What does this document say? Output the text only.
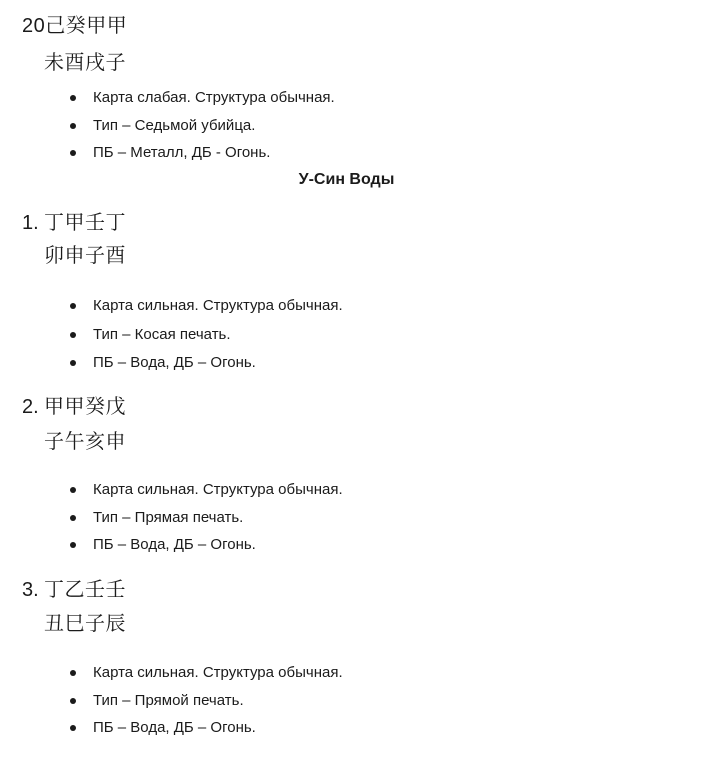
20己癸甲甲
未酉戌子
Карта слабая. Структура обычная.
Тип – Седьмой убийца.
ПБ – Металл, ДБ - Огонь.
У-Син Воды
1. 丁甲壬丁
卯申子酉
Карта сильная. Структура обычная.
Тип – Косая печать.
ПБ – Вода, ДБ – Огонь.
2. 甲甲癸戊
子午亥申
Карта сильная. Структура обычная.
Тип – Прямая печать.
ПБ – Вода, ДБ – Огонь.
3. 丁乙壬壬
丑巳子辰
Карта сильная. Структура обычная.
Тип – Прямой печать.
ПБ – Вода, ДБ – Огонь.
